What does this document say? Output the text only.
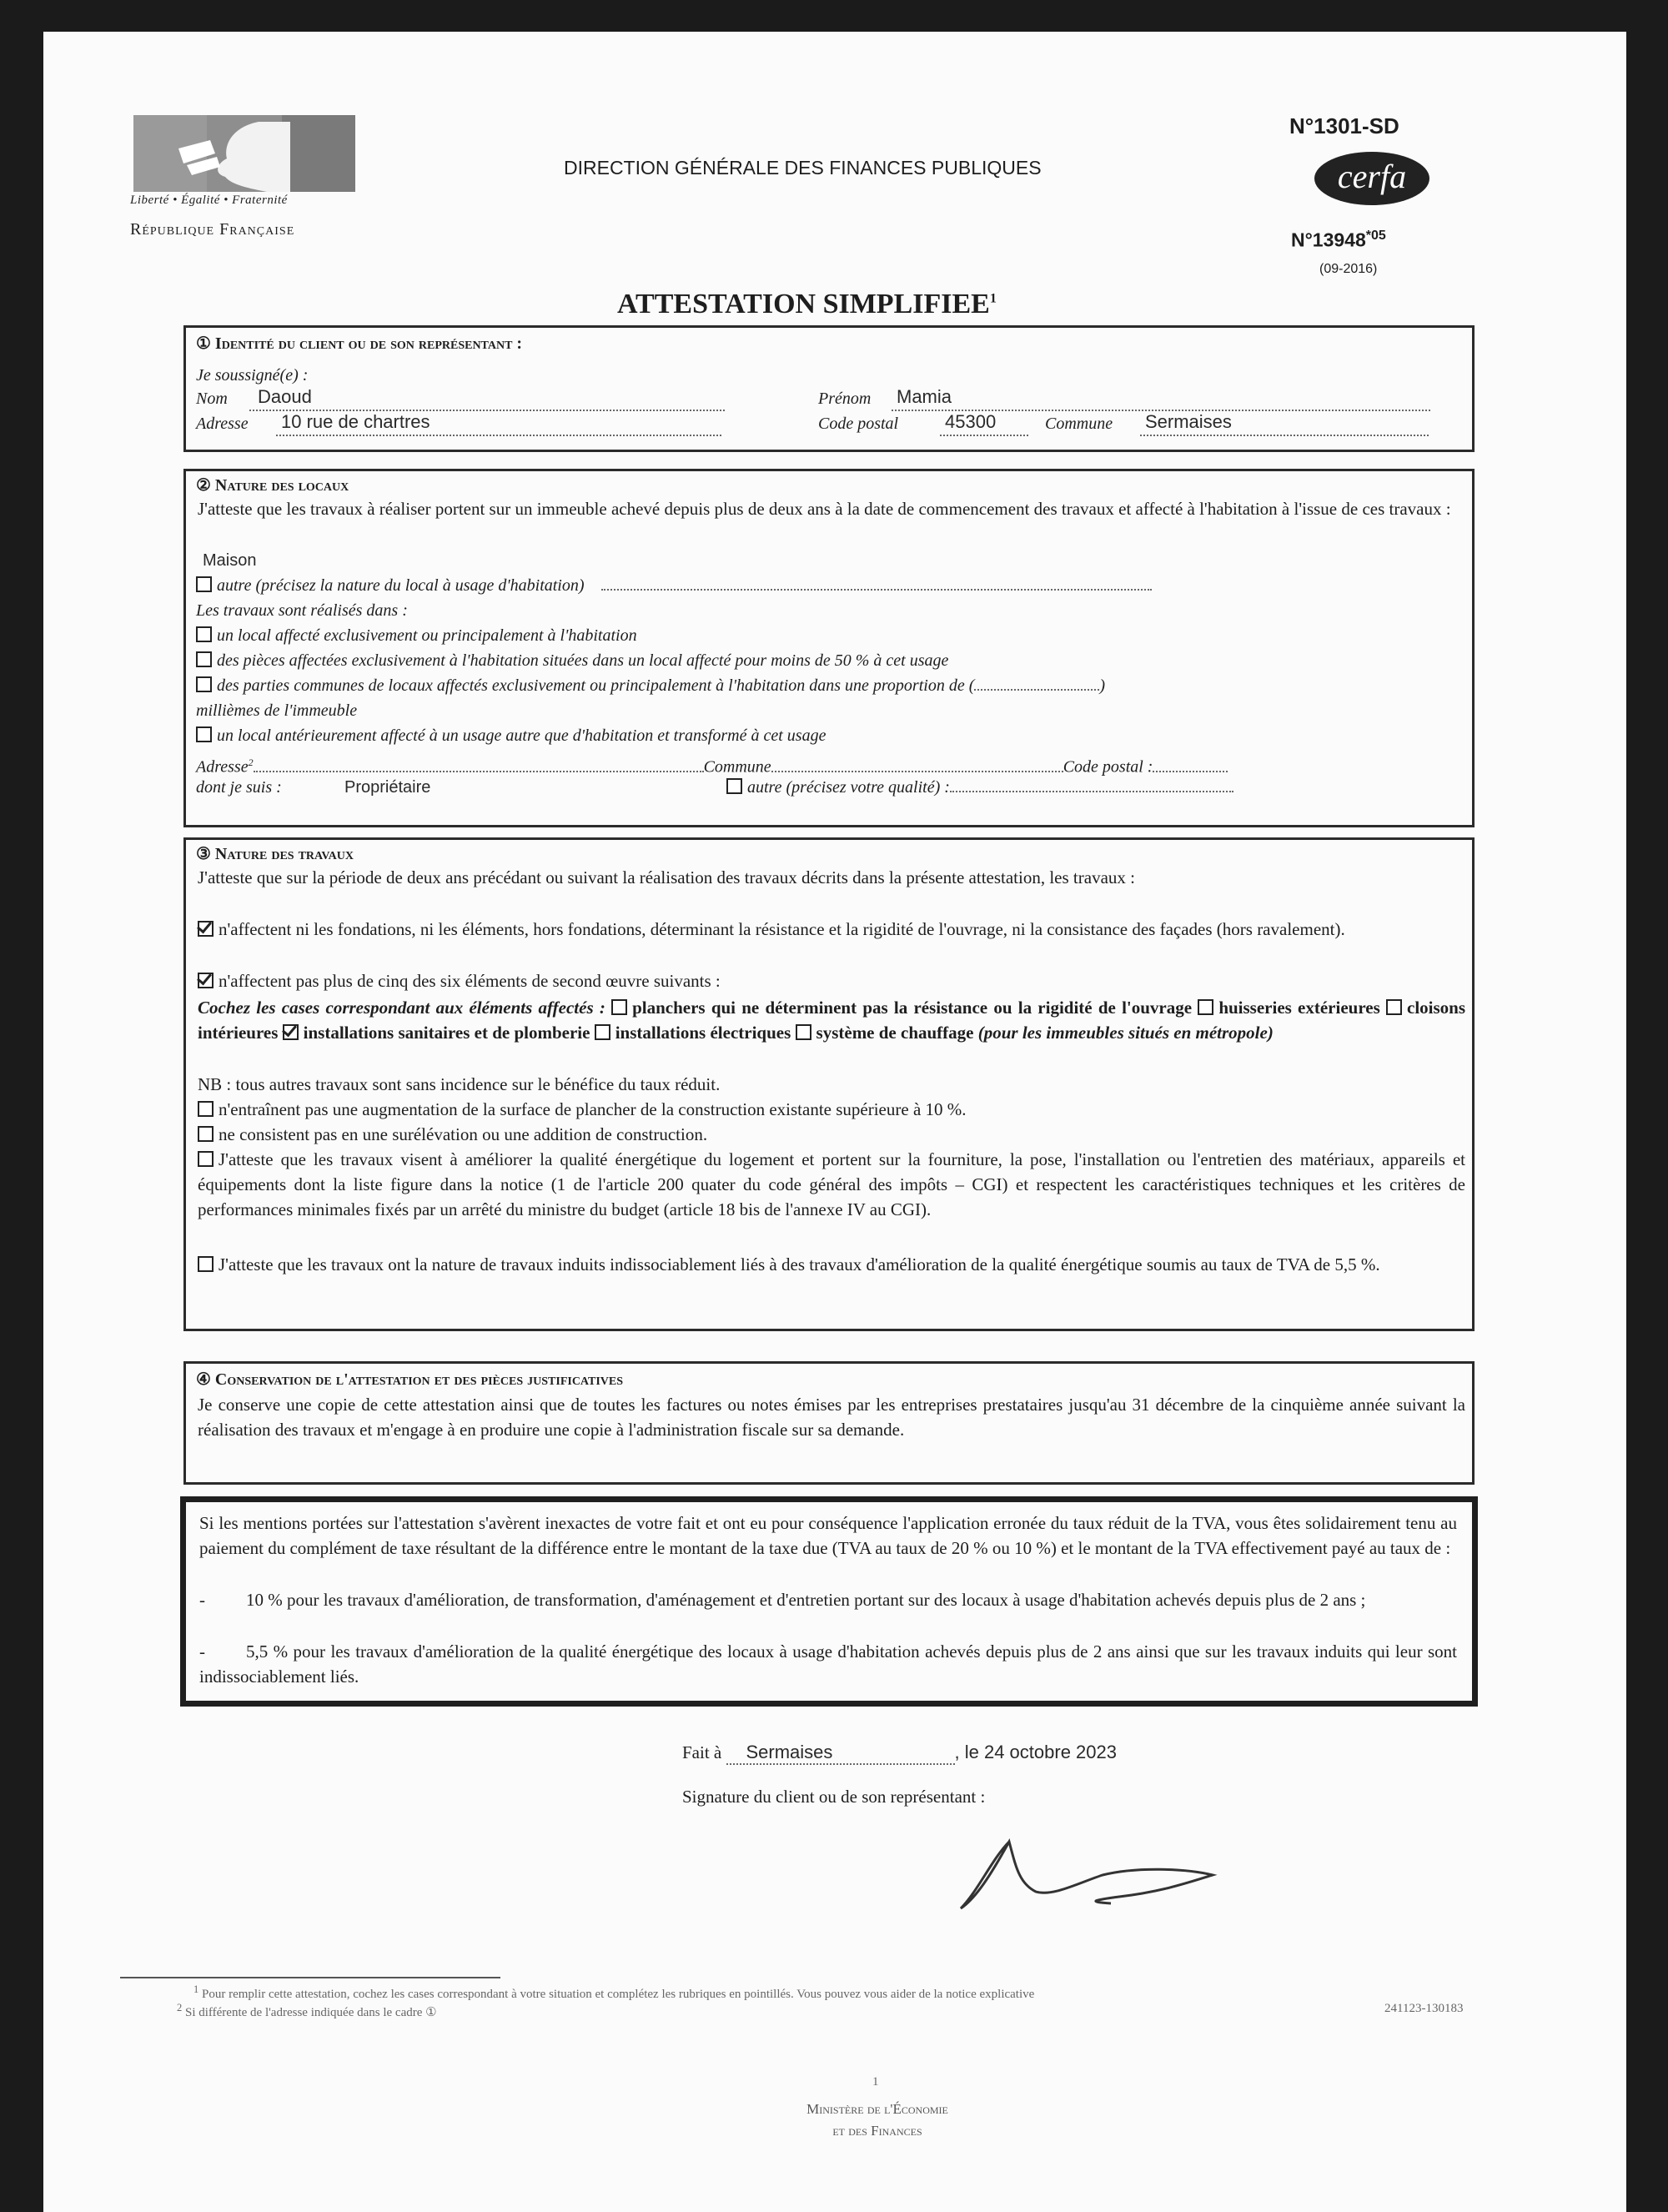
Liberté • Égalité • Fraternité
République Française
DIRECTION GÉNÉRALE DES FINANCES PUBLIQUES
N°1301-SD
cerfa
N°13948$^{*05}$
(09-2016)
ATTESTATION SIMPLIFIEE$^1$
① Identité du client ou de son représentant :
Je soussigné(e) :
Nom	Daoud	Prénom Mamia
Adresse 10 rue de chartres	Code postal	45300	Commune Sermaises
② Nature des locaux
J'atteste que les travaux à réaliser portent sur un immeuble achevé depuis plus de deux ans à la date de commencement des travaux et affecté à l'habitation à l'issue de ces travaux :
Maison
autre (précisez la nature du local à usage d'habitation)
Les travaux sont réalisés dans :
un local affecté exclusivement ou principalement à l'habitation
des pièces affectées exclusivement à l'habitation situées dans un local affecté pour moins de 50 % à cet usage
des parties communes de locaux affectés exclusivement ou principalement à l'habitation dans une proportion de (	)
millièmes de l'immeuble
un local antérieurement affecté à un usage autre que d'habitation et transformé à cet usage
Adresse$^2$	Commune	Code postal :
dont je suis :	Propriétaire	autre (précisez votre qualité) :
③ Nature des travaux
J'atteste que sur la période de deux ans précédant ou suivant la réalisation des travaux décrits dans la présente attestation, les travaux :
n'affectent ni les fondations, ni les éléments, hors fondations, déterminant la résistance et la rigidité de l'ouvrage, ni la consistance des façades (hors ravalement).
n'affectent pas plus de cinq des six éléments de second œuvre suivants :
Cochez les cases correspondant aux éléments affectés : planchers qui ne déterminent pas la résistance ou la rigidité de l'ouvrage huisseries extérieures cloisons intérieures installations sanitaires et de plomberie installations électriques système de chauffage (pour les immeubles situés en métropole)
NB : tous autres travaux sont sans incidence sur le bénéfice du taux réduit.
n'entraînent pas une augmentation de la surface de plancher de la construction existante supérieure à 10 %.
ne consistent pas en une surélévation ou une addition de construction.
J'atteste que les travaux visent à améliorer la qualité énergétique du logement et portent sur la fourniture, la pose, l'installation ou l'entretien des matériaux, appareils et équipements dont la liste figure dans la notice (1 de l'article 200 quater du code général des impôts – CGI) et respectent les caractéristiques techniques et les critères de performances minimales fixés par un arrêté du ministre du budget (article 18 bis de l'annexe IV au CGI).
J'atteste que les travaux ont la nature de travaux induits indissociablement liés à des travaux d'amélioration de la qualité énergétique soumis au taux de TVA de 5,5 %.
④ Conservation de l'attestation et des pièces justificatives
Je conserve une copie de cette attestation ainsi que de toutes les factures ou notes émises par les entreprises prestataires jusqu'au 31 décembre de la cinquième année suivant la réalisation des travaux et m'engage à en produire une copie à l'administration fiscale sur sa demande.
Si les mentions portées sur l'attestation s'avèrent inexactes de votre fait et ont eu pour conséquence l'application erronée du taux réduit de la TVA, vous êtes solidairement tenu au paiement du complément de taxe résultant de la différence entre le montant de la taxe due (TVA au taux de 20 % ou 10 %) et le montant de la TVA effectivement payé au taux de :
- 10 % pour les travaux d'amélioration, de transformation, d'aménagement et d'entretien portant sur des locaux à usage d'habitation achevés depuis plus de 2 ans ;
- 5,5 % pour les travaux d'amélioration de la qualité énergétique des locaux à usage d'habitation achevés depuis plus de 2 ans ainsi que sur les travaux induits qui leur sont indissociablement liés.
Fait à Sermaises	, le 24 octobre 2023
Signature du client ou de son représentant :
$^1$ Pour remplir cette attestation, cochez les cases correspondant à votre situation et complétez les rubriques en pointillés. Vous pouvez vous aider de la notice explicative
$^2$ Si différente de l'adresse indiquée dans le cadre ①	241123-130183
1
Ministère de l'Économie
et des Finances
